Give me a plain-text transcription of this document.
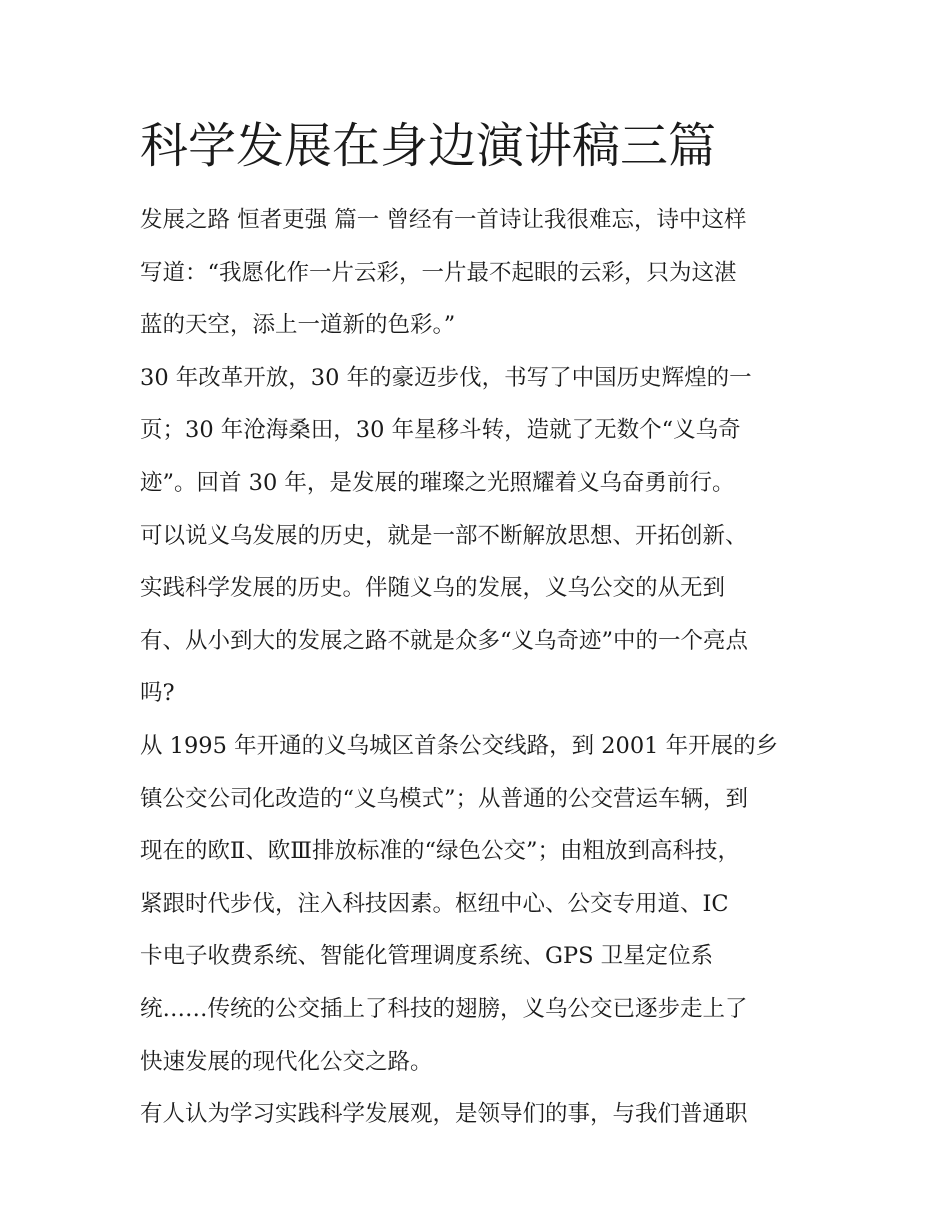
科学发展在身边演讲稿三篇
发展之路 恒者更强 篇一 曾经有一首诗让我很难忘，诗中这样
写道：“我愿化作一片云彩，一片最不起眼的云彩，只为这湛
蓝的天空，添上一道新的色彩。”
30 年改革开放，30 年的豪迈步伐，书写了中国历史辉煌的一
页；30 年沧海桑田，30 年星移斗转，造就了无数个“义乌奇
迹”。回首 30 年，是发展的璀璨之光照耀着义乌奋勇前行。
可以说义乌发展的历史，就是一部不断解放思想、开拓创新、
实践科学发展的历史。伴随义乌的发展，义乌公交的从无到
有、从小到大的发展之路不就是众多“义乌奇迹”中的一个亮点
吗?
从 1995 年开通的义乌城区首条公交线路，到 2001 年开展的乡
镇公交公司化改造的“义乌模式”；从普通的公交营运车辆，到
现在的欧Ⅱ、欧Ⅲ排放标准的“绿色公交”；由粗放到高科技，
紧跟时代步伐，注入科技因素。枢纽中心、公交专用道、IC
卡电子收费系统、智能化管理调度系统、GPS 卫星定位系
统……传统的公交插上了科技的翅膀，义乌公交已逐步走上了
快速发展的现代化公交之路。
有人认为学习实践科学发展观，是领导们的事，与我们普通职
